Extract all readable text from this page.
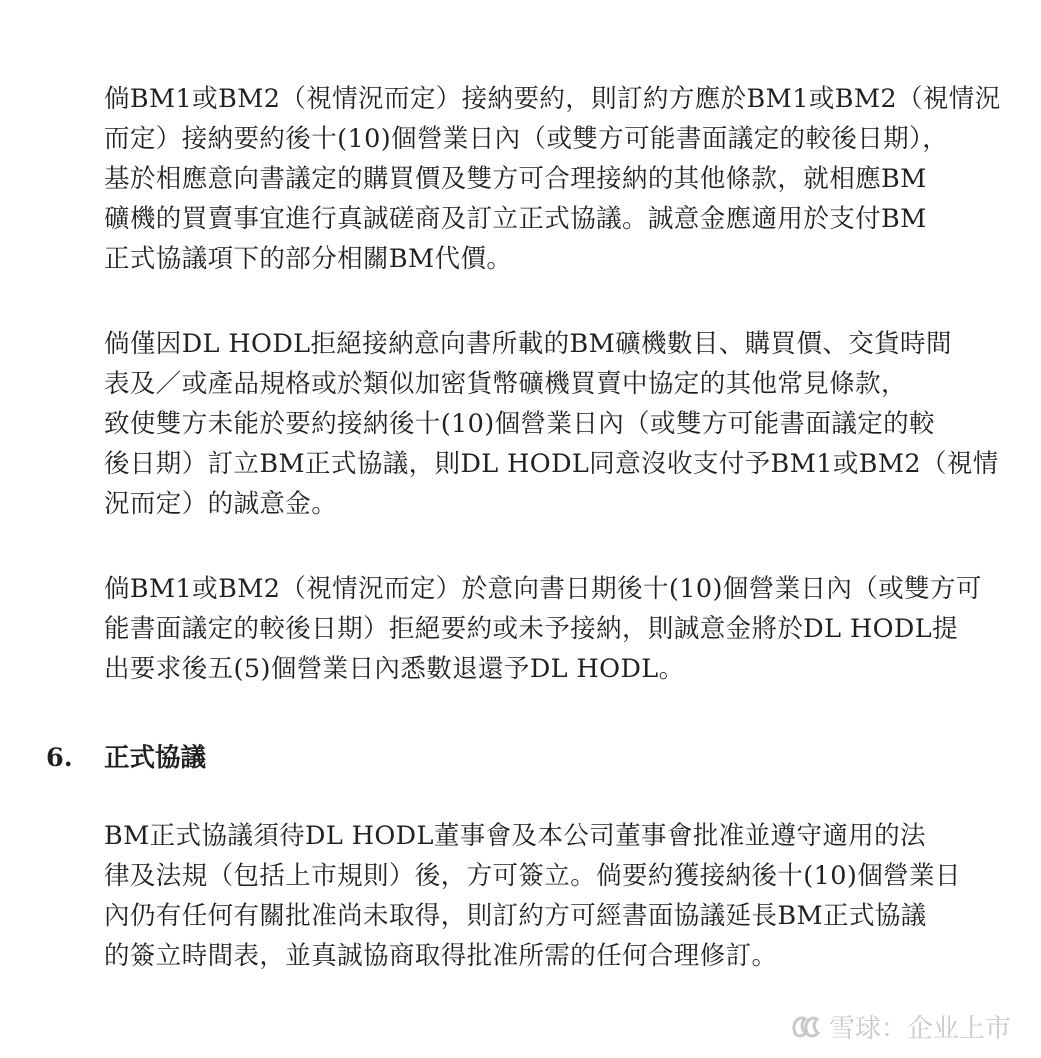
倘BM1或BM2（視情況而定）接納要約，則訂約方應於BM1或BM2（視情況
而定）接納要約後十(10)個營業日內（或雙方可能書面議定的較後日期），
基於相應意向書議定的購買價及雙方可合理接納的其他條款，就相應BM
礦機的買賣事宜進行真誠磋商及訂立正式協議。誠意金應適用於支付BM
正式協議項下的部分相關BM代價。
倘僅因DL HODL拒絕接納意向書所載的BM礦機數目、購買價、交貨時間
表及／或產品規格或於類似加密貨幣礦機買賣中協定的其他常見條款，
致使雙方未能於要約接納後十(10)個營業日內（或雙方可能書面議定的較
後日期）訂立BM正式協議，則DL HODL同意沒收支付予BM1或BM2（視情
況而定）的誠意金。
倘BM1或BM2（視情況而定）於意向書日期後十(10)個營業日內（或雙方可
能書面議定的較後日期）拒絕要約或未予接納，則誠意金將於DL HODL提
出要求後五(5)個營業日內悉數退還予DL HODL。
6. 正式協議
BM正式協議須待DL HODL董事會及本公司董事會批准並遵守適用的法
律及法規（包括上市規則）後，方可簽立。倘要約獲接納後十(10)個營業日
內仍有任何有關批准尚未取得，則訂約方可經書面協議延長BM正式協議
的簽立時間表，並真誠協商取得批准所需的任何合理修訂。
雪球：企业上市
